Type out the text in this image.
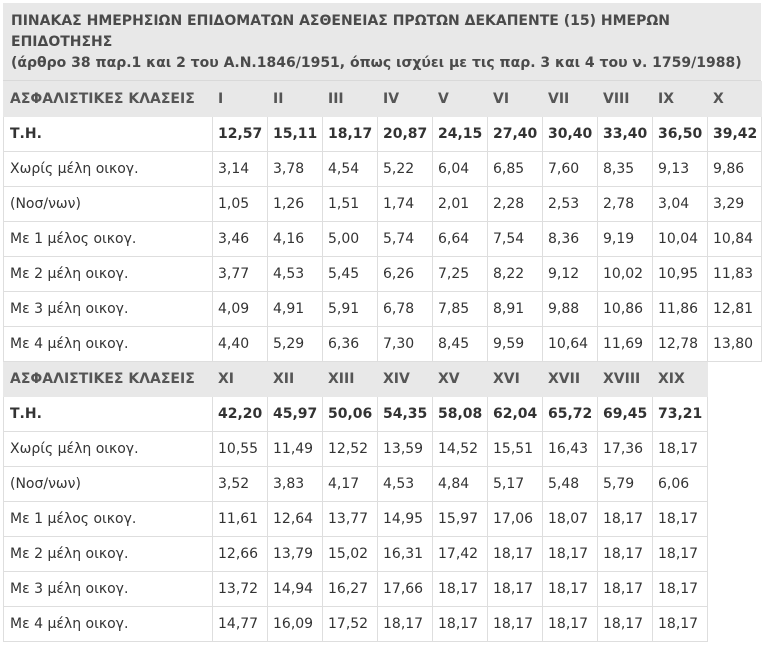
ΠΙΝΑΚΑΣ ΗΜΕΡΗΣΙΩΝ ΕΠΙΔΟΜΑΤΩΝ ΑΣΘΕΝΕΙΑΣ ΠΡΩΤΩΝ ΔΕΚΑΠΕΝΤΕ (15) ΗΜΕΡΩΝ ΕΠΙΔΟΤΗΣΗΣ
(άρθρο 38 παρ.1 και 2 του Α.Ν.1846/1951, όπως ισχύει με τις παρ. 3 και 4 του ν. 1759/1988)
ΑΣΦΑΛΙΣΤΙΚΕΣ ΚΛΑΣΕΙΣ	I	II	III	IV	V	VI	VII	VIII	IX	X
Τ.Η.	12,57	15,11	18,17	20,87	24,15	27,40	30,40	33,40	36,50	39,42
Χωρίς μέλη οικογ.	3,14	3,78	4,54	5,22	6,04	6,85	7,60	8,35	9,13	9,86
(Νοσ/νων)	1,05	1,26	1,51	1,74	2,01	2,28	2,53	2,78	3,04	3,29
Με 1 μέλος οικογ.	3,46	4,16	5,00	5,74	6,64	7,54	8,36	9,19	10,04	10,84
Με 2 μέλη οικογ.	3,77	4,53	5,45	6,26	7,25	8,22	9,12	10,02	10,95	11,83
Με 3 μέλη οικογ.	4,09	4,91	5,91	6,78	7,85	8,91	9,88	10,86	11,86	12,81
Με 4 μέλη οικογ.	4,40	5,29	6,36	7,30	8,45	9,59	10,64	11,69	12,78	13,80
ΑΣΦΑΛΙΣΤΙΚΕΣ ΚΛΑΣΕΙΣ	XI	XII	XIII	XIV	XV	XVI	XVII	XVIII	XIX	
Τ.Η.	42,20	45,97	50,06	54,35	58,08	62,04	65,72	69,45	73,21	
Χωρίς μέλη οικογ.	10,55	11,49	12,52	13,59	14,52	15,51	16,43	17,36	18,17	
(Νοσ/νων)	3,52	3,83	4,17	4,53	4,84	5,17	5,48	5,79	6,06	
Με 1 μέλος οικογ.	11,61	12,64	13,77	14,95	15,97	17,06	18,07	18,17	18,17	
Με 2 μέλη οικογ.	12,66	13,79	15,02	16,31	17,42	18,17	18,17	18,17	18,17	
Με 3 μέλη οικογ.	13,72	14,94	16,27	17,66	18,17	18,17	18,17	18,17	18,17	
Με 4 μέλη οικογ.	14,77	16,09	17,52	18,17	18,17	18,17	18,17	18,17	18,17	
